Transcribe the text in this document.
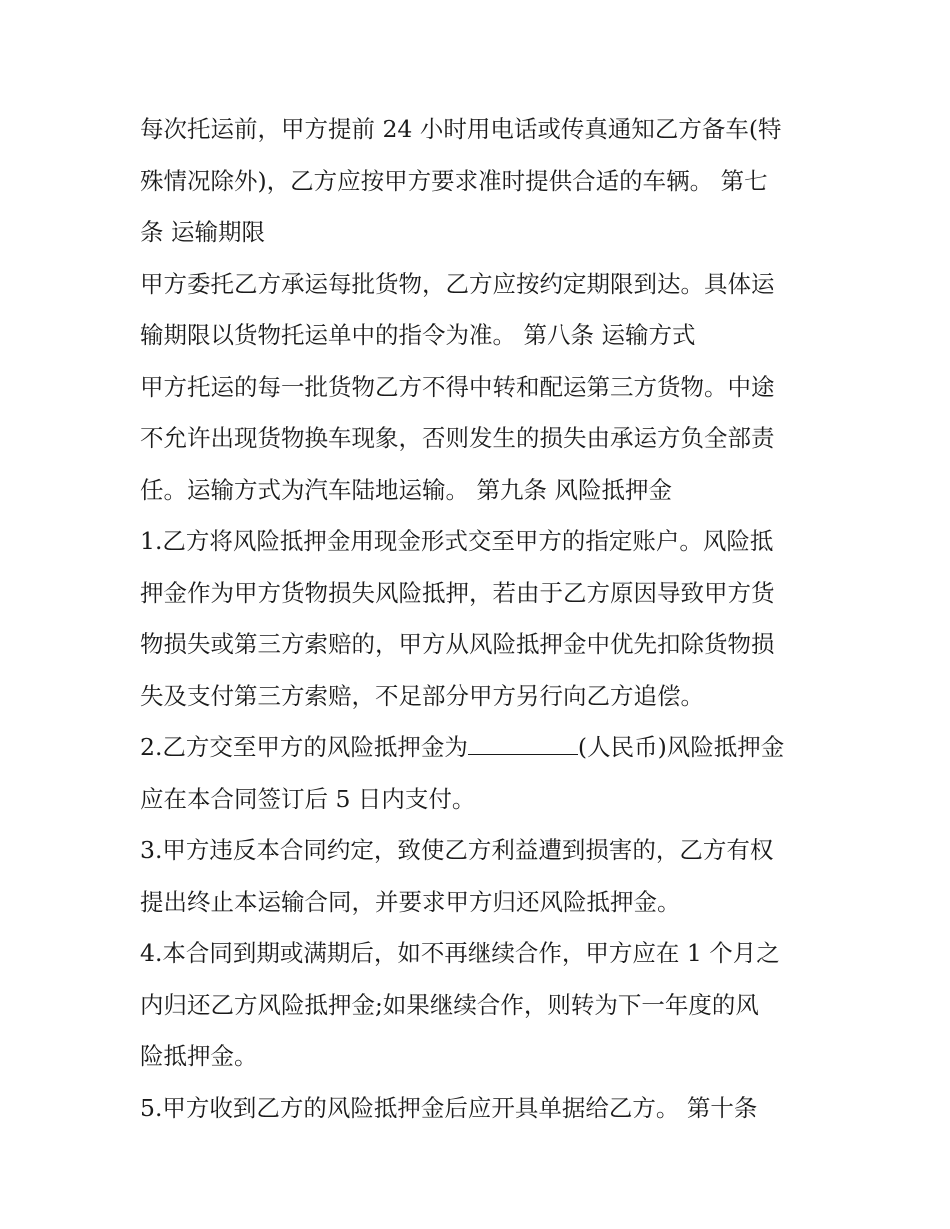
每次托运前，甲方提前 24 小时用电话或传真通知乙方备车(特
殊情况除外)，乙方应按甲方要求准时提供合适的车辆。 第七
条 运输期限
甲方委托乙方承运每批货物，乙方应按约定期限到达。具体运
输期限以货物托运单中的指令为准。 第八条 运输方式
甲方托运的每一批货物乙方不得中转和配运第三方货物。中途
不允许出现货物换车现象，否则发生的损失由承运方负全部责
任。运输方式为汽车陆地运输。 第九条 风险抵押金
1.乙方将风险抵押金用现金形式交至甲方的指定账户。风险抵
押金作为甲方货物损失风险抵押，若由于乙方原因导致甲方货
物损失或第三方索赔的，甲方从风险抵押金中优先扣除货物损
失及支付第三方索赔，不足部分甲方另行向乙方追偿。
2.乙方交至甲方的风险抵押金为	(人民币)风险抵押金
应在本合同签订后 5 日内支付。
3.甲方违反本合同约定，致使乙方利益遭到损害的，乙方有权
提出终止本运输合同，并要求甲方归还风险抵押金。
4.本合同到期或满期后，如不再继续合作，甲方应在 1 个月之
内归还乙方风险抵押金;如果继续合作，则转为下一年度的风
险抵押金。
5.甲方收到乙方的风险抵押金后应开具单据给乙方。 第十条
